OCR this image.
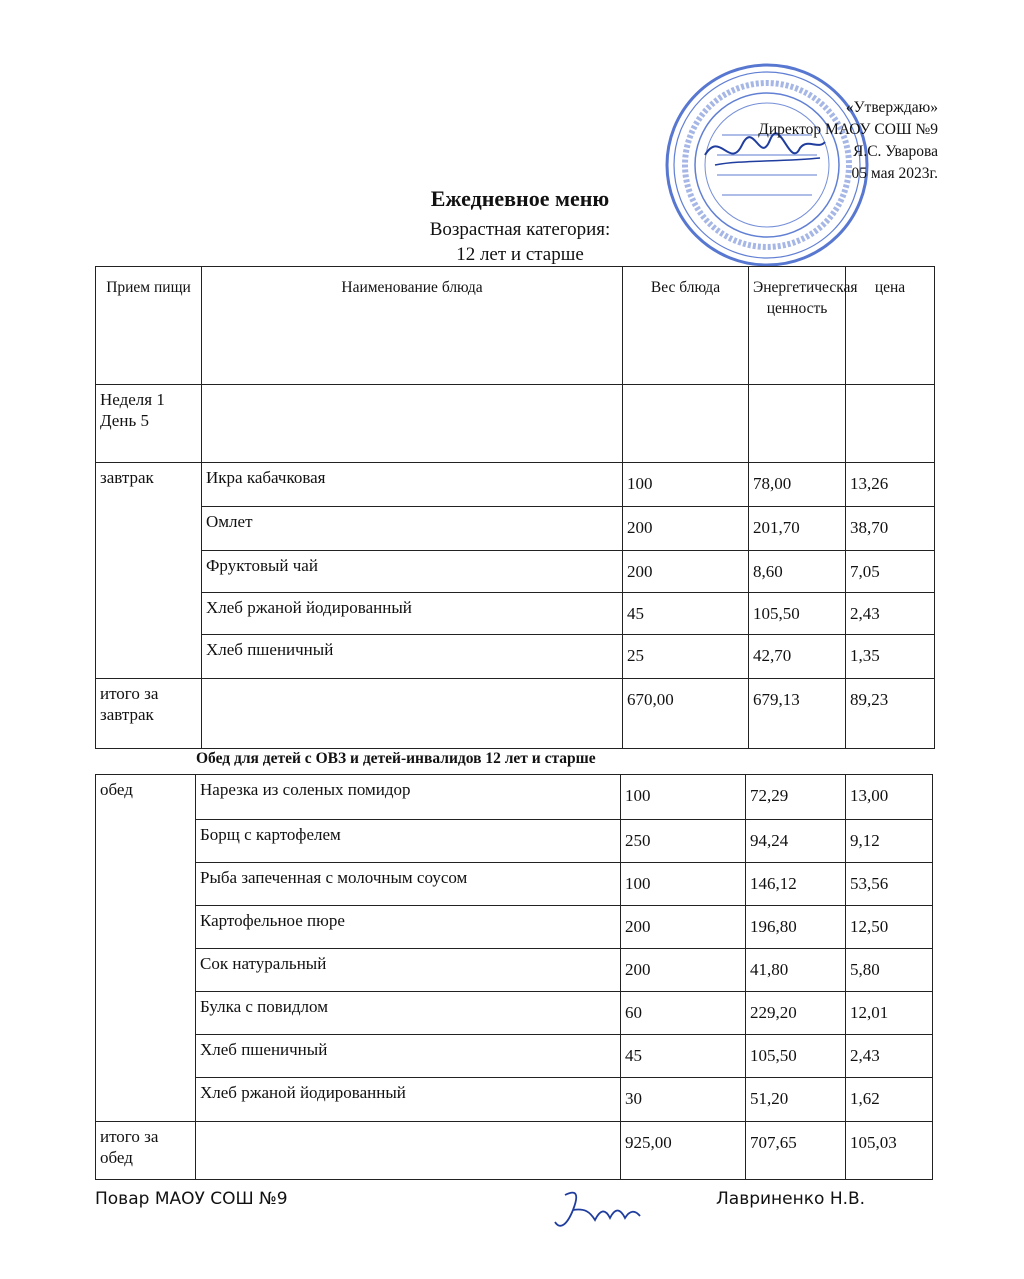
«Утверждаю»
Директор МАОУ СОШ №9
Я.С. Уварова
05 мая 2023г.
Ежедневное меню
Возрастная категория:
12 лет и старше
Прием пищи	Наименование блюда	Вес блюда	Энергетическая ценность	цена

Неделя 1
День 5				

завтрак	Икра кабачковая	100	78,00	13,26
	Омлет	200	201,70	38,70
	Фруктовый чай	200	8,60	7,05
	Хлеб ржаной йодированный	45	105,50	2,43
	Хлеб пшеничный	25	42,70	1,35
итого за завтрак		670,00	679,13	89,23
Обед для детей с ОВЗ и детей-инвалидов 12 лет и старше
обед	Нарезка из соленых помидор	100	72,29	13,00
	Борщ с картофелем	250	94,24	9,12
	Рыба запеченная с молочным соусом	100	146,12	53,56
	Картофельное пюре	200	196,80	12,50
	Сок натуральный	200	41,80	5,80
	Булка с повидлом	60	229,20	12,01
	Хлеб пшеничный	45	105,50	2,43
	Хлеб ржаной йодированный	30	51,20	1,62
итого за обед		925,00	707,65	105,03
Повар МАОУ СОШ №9	Лавриненко Н.В.
